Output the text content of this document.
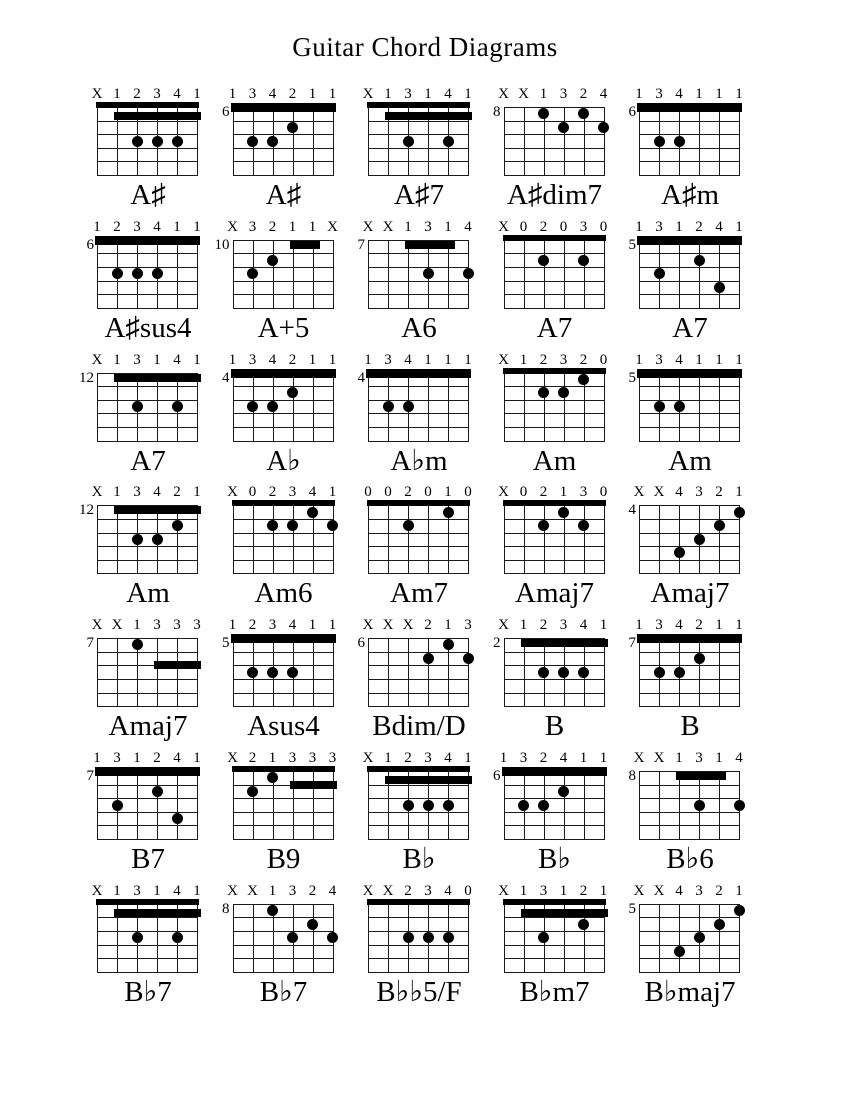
Guitar Chord Diagrams
X 1 2 3 4 1
A♯
1 3 4 2 1 1
6
A♯
X 1 3 1 4 1
A♯7
X X 1 3 2 4
8
A♯dim7
1 3 4 1 1 1
6
A♯m
1 2 3 4 1 1
6
A♯sus4
X 3 2 1 1 X
10
A+5
X X 1 3 1 4
7
A6
X 0 2 0 3 0
A7
1 3 1 2 4 1
5
A7
X 1 3 1 4 1
12
A7
1 3 4 2 1 1
4
A♭
1 3 4 1 1 1
4
A♭m
X 1 2 3 2 0
Am
1 3 4 1 1 1
5
Am
X 1 3 4 2 1
12
Am
X 0 2 3 4 1
Am6
0 0 2 0 1 0
Am7
X 0 2 1 3 0
Amaj7
X X 4 3 2 1
4
Amaj7
X X 1 3 3 3
7
Amaj7
1 2 3 4 1 1
5
Asus4
X X X 2 1 3
6
Bdim/D
X 1 2 3 4 1
2
B
1 3 4 2 1 1
7
B
1 3 1 2 4 1
7
B7
X 2 1 3 3 3
B9
X 1 2 3 4 1
B♭
1 3 2 4 1 1
6
B♭
X X 1 3 1 4
8
B♭6
X 1 3 1 4 1
B♭7
X X 1 3 2 4
8
B♭7
X X 2 3 4 0
B♭♭5/F
X 1 3 1 2 1
B♭m7
X X 4 3 2 1
5
B♭maj7
